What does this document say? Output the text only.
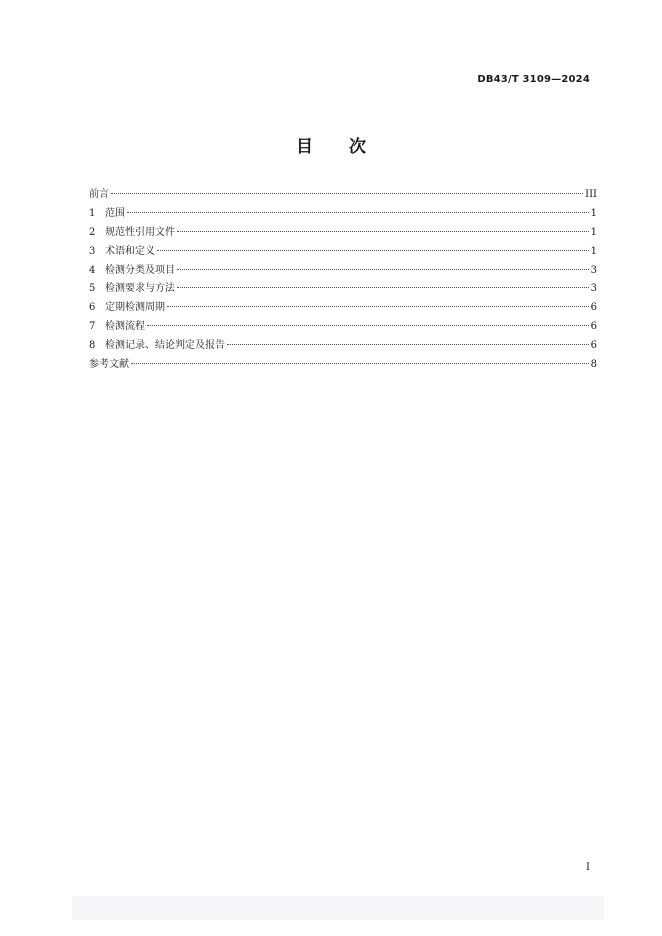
DB43/T 3109—2024
目 次
前言	III
1 范围	1
2 规范性引用文件	1
3 术语和定义	1
4 检测分类及项目	3
5 检测要求与方法	3
6 定期检测周期	6
7 检测流程	6
8 检测记录、结论判定及报告	6
参考文献	8
I
